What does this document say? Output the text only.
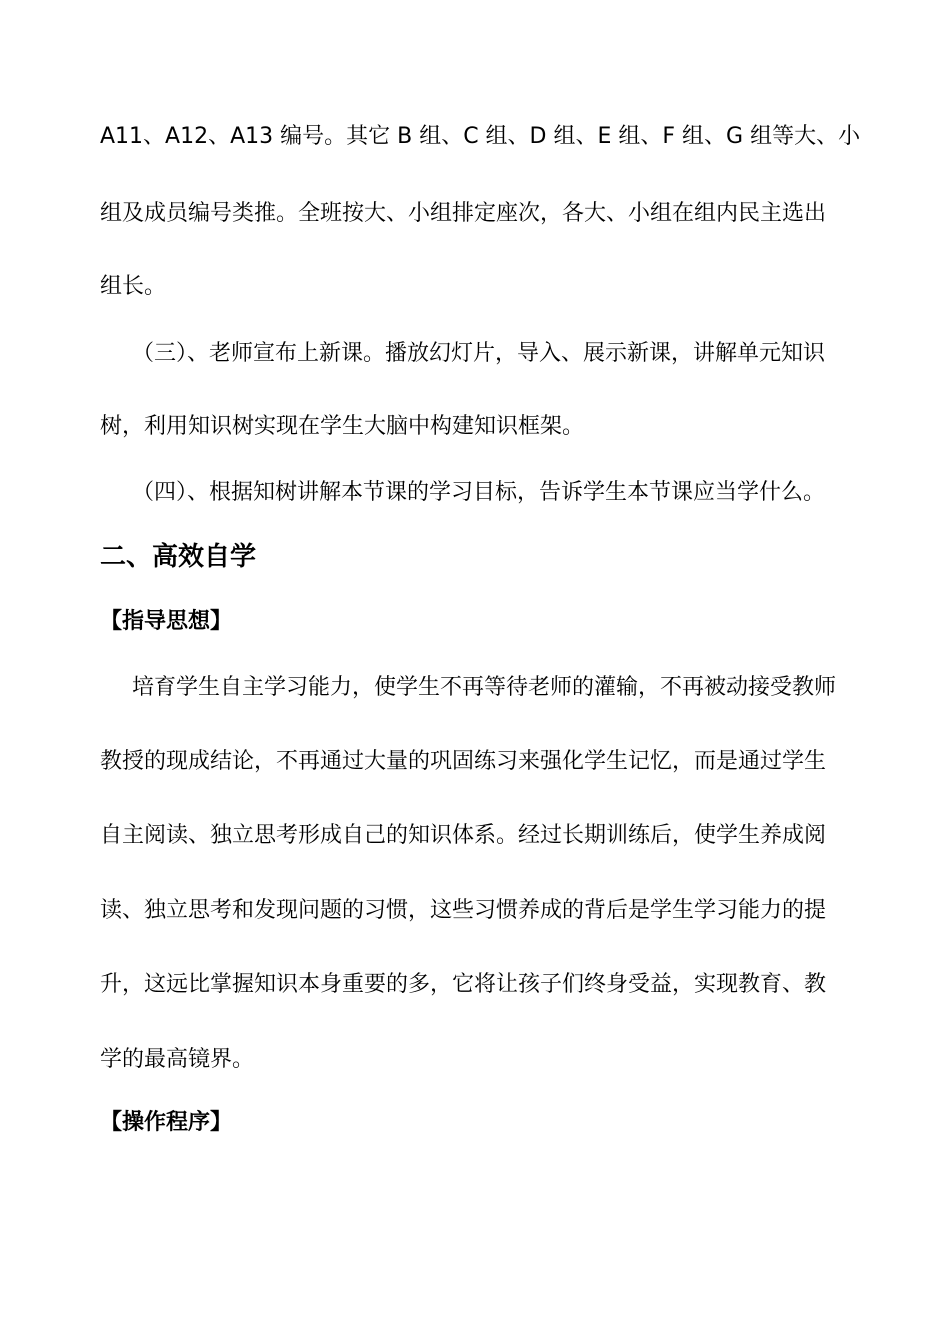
A11、A12、A13 编号。其它 B 组、C 组、D 组、E 组、F 组、G 组等大、小
组及成员编号类推。全班按大、小组排定座次，各大、小组在组内民主选出
组长。
（三）、老师宣布上新课。播放幻灯片，导入、展示新课，讲解单元知识
树，利用知识树实现在学生大脑中构建知识框架。
（四）、根据知树讲解本节课的学习目标，告诉学生本节课应当学什么。
二、高效自学
【指导思想】
培育学生自主学习能力，使学生不再等待老师的灌输，不再被动接受教师
教授的现成结论，不再通过大量的巩固练习来强化学生记忆，而是通过学生
自主阅读、独立思考形成自己的知识体系。经过长期训练后，使学生养成阅
读、独立思考和发现问题的习惯，这些习惯养成的背后是学生学习能力的提
升，这远比掌握知识本身重要的多，它将让孩子们终身受益，实现教育、教
学的最高镜界。
【操作程序】
